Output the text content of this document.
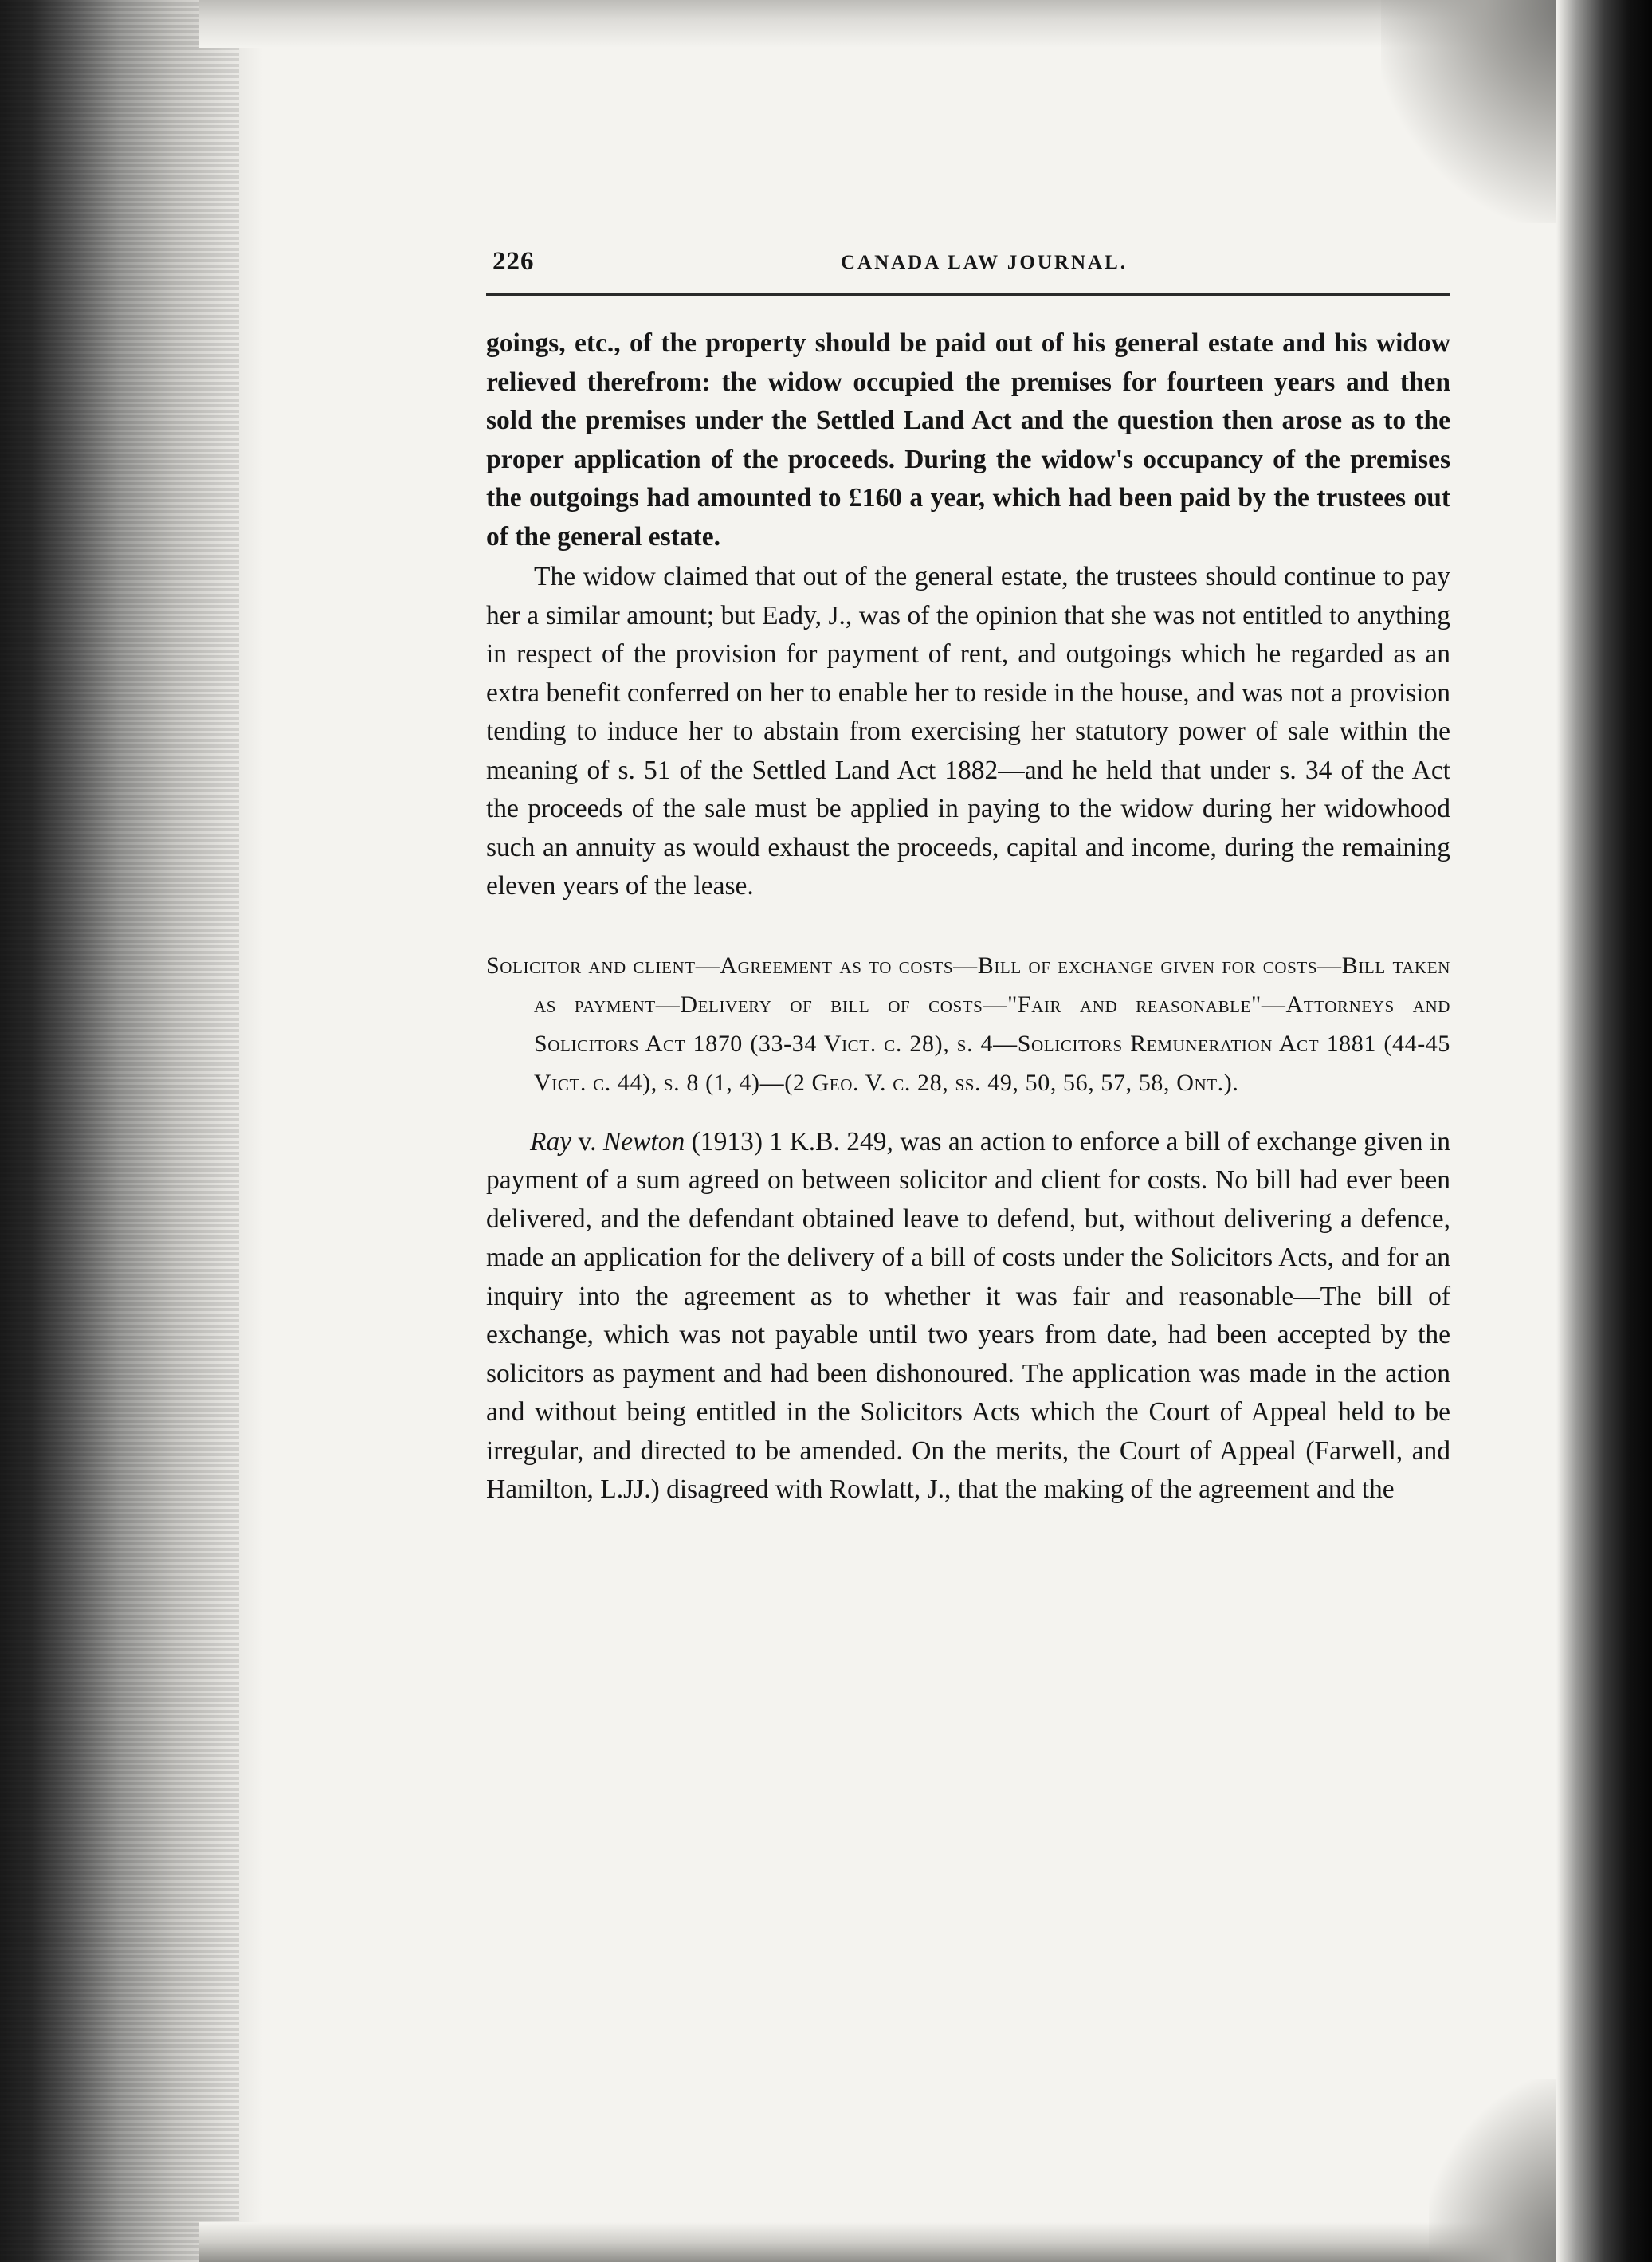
226	CANADA LAW JOURNAL.

goings, etc., of the property should be paid out of his general estate and his widow relieved therefrom: the widow occupied the premises for fourteen years and then sold the premises under the Settled Land Act and the question then arose as to the proper application of the proceeds. During the widow's occupancy of the premises the outgoings had amounted to £160 a year, which had been paid by the trustees out of the general estate.

The widow claimed that out of the general estate, the trustees should continue to pay her a similar amount; but Eady, J., was of the opinion that she was not entitled to anything in respect of the provision for payment of rent, and outgoings which he regarded as an extra benefit conferred on her to enable her to reside in the house, and was not a provision tending to induce her to abstain from exercising her statutory power of sale within the meaning of s. 51 of the Settled Land Act 1882—and he held that under s. 34 of the Act the proceeds of the sale must be applied in paying to the widow during her widowhood such an annuity as would exhaust the proceeds, capital and income, during the remaining eleven years of the lease.

Solicitor and client—Agreement as to costs—Bill of exchange given for costs—Bill taken as payment—Delivery of bill of costs—"Fair and reasonable"—Attorneys and Solicitors Act 1870 (33-34 Vict. c. 28), s. 4—Solicitors Remuneration Act 1881 (44-45 Vict. c. 44), s. 8 (1, 4)—(2 Geo. V. c. 28, ss. 49, 50, 56, 57, 58, Ont.).

Ray v. Newton (1913) 1 K.B. 249, was an action to enforce a bill of exchange given in payment of a sum agreed on between solicitor and client for costs. No bill had ever been delivered, and the defendant obtained leave to defend, but, without delivering a defence, made an application for the delivery of a bill of costs under the Solicitors Acts, and for an inquiry into the agreement as to whether it was fair and reasonable—The bill of exchange, which was not payable until two years from date, had been accepted by the solicitors as payment and had been dishonoured. The application was made in the action and without being entitled in the Solicitors Acts which the Court of Appeal held to be irregular, and directed to be amended. On the merits, the Court of Appeal (Farwell, and Hamilton, L.JJ.) disagreed with Rowlatt, J., that the making of the agreement and the
